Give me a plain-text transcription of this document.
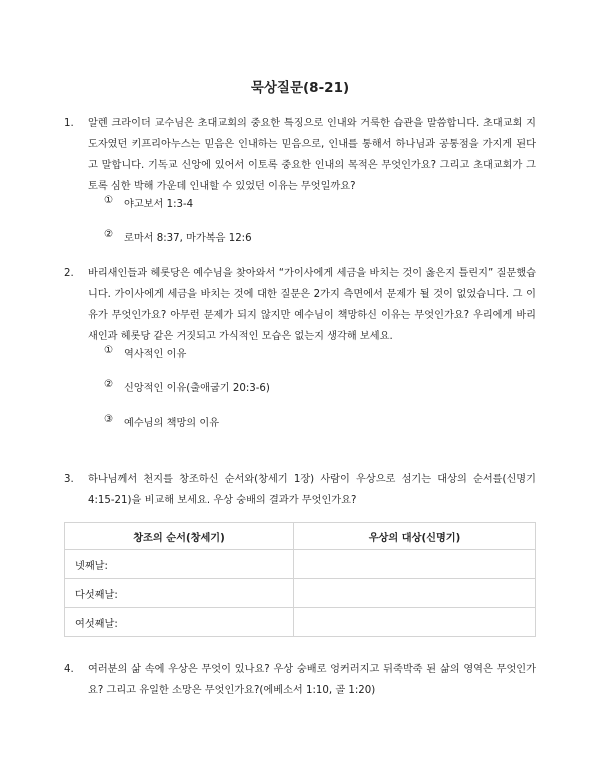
묵상질문(8-21)
1. 알렌 크라이더 교수님은 초대교회의 중요한 특징으로 인내와 거룩한 습관을 말씀합니다. 초대교회 지도자였던 키프리아누스는 믿음은 인내하는 믿음으로, 인내를 통해서 하나님과 공통점을 가지게 된다고 말합니다. 기독교 신앙에 있어서 이토록 중요한 인내의 목적은 무엇인가요? 그리고 초대교회가 그토록 심한 박해 가운데 인내할 수 있었던 이유는 무엇일까요?

① 야고보서 1:3-4
② 로마서 8:37, 마가복음 12:6
2. 바리새인들과 헤롯당은 예수님을 찾아와서 “가이사에게 세금을 바치는 것이 옳은지 틀린지” 질문했습니다. 가이사에게 세금을 바치는 것에 대한 질문은 2가지 측면에서 문제가 될 것이 없었습니다. 그 이유가 무엇인가요? 아무런 문제가 되지 않지만 예수님이 책망하신 이유는 무엇인가요? 우리에게 바리새인과 헤롯당 같은 거짓되고 가식적인 모습은 없는지 생각해 보세요.

① 역사적인 이유
② 신앙적인 이유(출애굽기 20:3-6)
③ 예수님의 책망의 이유
3. 하나님께서 천지를 창조하신 순서와(창세기 1장) 사람이 우상으로 섬기는 대상의 순서를(신명기 4:15-21)을 비교해 보세요. 우상 숭배의 결과가 무엇인가요?

창조의 순서(창세기)	우상의 대상(신명기)
넷째날:	
다섯째날:	
여섯째날:	
4. 여러분의 삶 속에 우상은 무엇이 있나요? 우상 숭배로 엉커러지고 뒤죽박죽 된 삶의 영역은 무엇인가요? 그리고 유일한 소망은 무엇인가요?(에베소서 1:10, 골 1:20)
